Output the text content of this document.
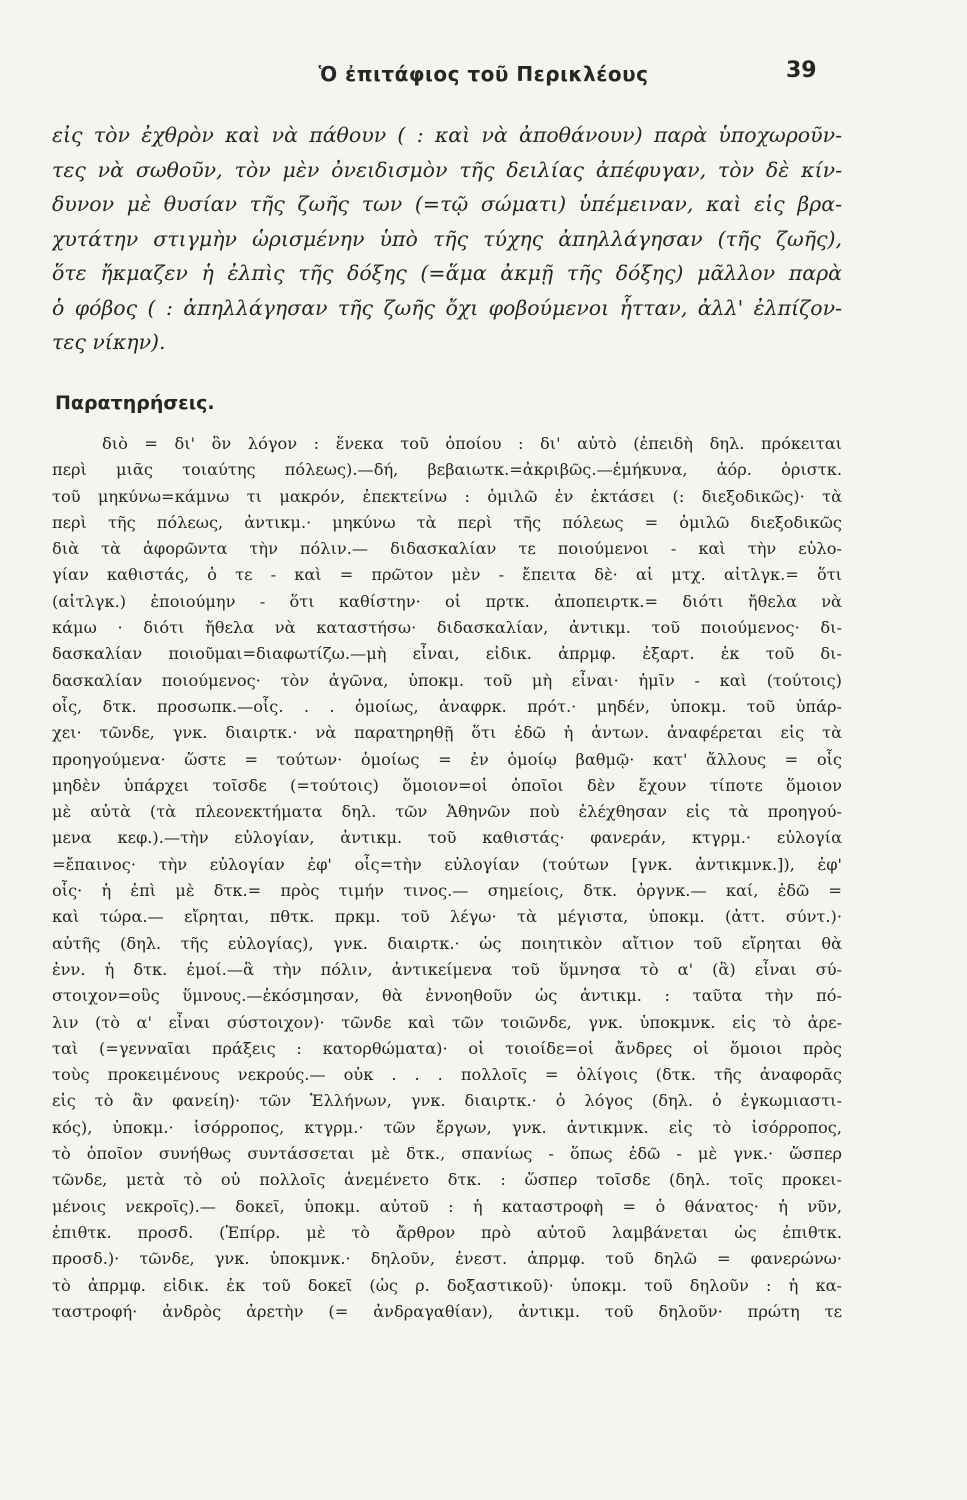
Ὁ ἐπιτάφιος τοῦ Περικλέους	39
εἰς τὸν ἐχθρὸν καὶ νὰ πάθουν ( : καὶ νὰ ἀποθάνουν) παρὰ ὑποχωροῦν-
τες νὰ σωθοῦν, τὸν μὲν ὀνειδισμὸν τῆς δειλίας ἀπέφυγαν, τὸν δὲ κίν-
δυνον μὲ θυσίαν τῆς ζωῆς των (=τῷ σώματι) ὑπέμειναν, καὶ εἰς βρα-
χυτάτην στιγμὴν ὡρισμένην ὑπὸ τῆς τύχης ἀπηλλάγησαν (τῆς ζωῆς),
ὅτε ἤκμαζεν ἡ ἐλπὶς τῆς δόξης (=ἅμα ἀκμῇ τῆς δόξης) μᾶλλον παρὰ
ὁ φόβος ( : ἀπηλλάγησαν τῆς ζωῆς ὄχι φοβούμενοι ἧτταν, ἀλλ' ἐλπίζον-
τες νίκην).
Παρατηρήσεις.
διὸ = δι' ὃν λόγον : ἕνεκα τοῦ ὁποίου : δι' αὐτὸ (ἐπειδὴ δηλ. πρόκειται
περὶ μιᾶς τοιαύτης πόλεως).—δή, βεβαιωτκ.=ἀκριβῶς.—ἐμήκυνα, ἀόρ. ὁριστκ.
τοῦ μηκύνω=κάμνω τι μακρόν, ἐπεκτείνω : ὁμιλῶ ἐν ἐκτάσει (: διεξοδικῶς)· τὰ
περὶ τῆς πόλεως, ἀντικμ.· μηκύνω τὰ περὶ τῆς πόλεως = ὁμιλῶ διεξοδικῶς
διὰ τὰ ἀφορῶντα τὴν πόλιν.— διδασκαλίαν τε ποιούμενοι - καὶ τὴν εὐλο-
γίαν καθιστάς, ὁ τε - καὶ = πρῶτον μὲν - ἔπειτα δὲ· αἱ μτχ. αἰτλγκ.= ὅτι
(αἰτλγκ.) ἐποιούμην - ὅτι καθίστην· οἱ πρτκ. ἀποπειρτκ.= διότι ἤθελα νὰ
κάμω · διότι ἤθελα νὰ καταστήσω· διδασκαλίαν, ἀντικμ. τοῦ ποιούμενος· δι-
δασκαλίαν ποιοῦμαι=διαφωτίζω.—μὴ εἶναι, εἰδικ. ἀπρμφ. ἐξαρτ. ἐκ τοῦ δι-
δασκαλίαν ποιούμενος· τὸν ἀγῶνα, ὑποκμ. τοῦ μὴ εἶναι· ἡμῖν - καὶ (τούτοις)
οἷς, δτκ. προσωπκ.—οἷς. . . ὁμοίως, ἀναφρκ. πρότ.· μηδέν, ὑποκμ. τοῦ ὑπάρ-
χει· τῶνδε, γνκ. διαιρτκ.· νὰ παρατηρηθῇ ὅτι ἐδῶ ἡ ἀντων. ἀναφέρεται εἰς τὰ
προηγούμενα· ὥστε = τούτων· ὁμοίως = ἐν ὁμοίῳ βαθμῷ· κατ' ἄλλους = οἷς
μηδὲν ὑπάρχει τοῖσδε (=τούτοις) ὅμοιον=οἱ ὁποῖοι δὲν ἔχουν τίποτε ὅμοιον
μὲ αὐτὰ (τὰ πλεονεκτήματα δηλ. τῶν Ἀθηνῶν ποὺ ἐλέχθησαν εἰς τὰ προηγού-
μενα κεφ.).—τὴν εὐλογίαν, ἀντικμ. τοῦ καθιστάς· φανεράν, κτγρμ.· εὐλογία
=ἔπαινος· τὴν εὐλογίαν ἐφ' οἷς=τὴν εὐλογίαν (τούτων [γνκ. ἀντικμνκ.]), ἐφ'
οἷς· ἡ ἐπὶ μὲ δτκ.= πρὸς τιμήν τινος.— σημείοις, δτκ. ὀργνκ.— καί, ἐδῶ =
καὶ τώρα.— εἴρηται, πθτκ. πρκμ. τοῦ λέγω· τὰ μέγιστα, ὑποκμ. (ἀττ. σύντ.)·
αὐτῆς (δηλ. τῆς εὐλογίας), γνκ. διαιρτκ.· ὡς ποιητικὸν αἴτιον τοῦ εἴρηται θὰ
ἐνν. ἡ δτκ. ἐμοί.—ἃ τὴν πόλιν, ἀντικείμενα τοῦ ὕμνησα τὸ α' (ἃ) εἶναι σύ-
στοιχον=οὓς ὕμνους.—ἐκόσμησαν, θὰ ἐννοηθοῦν ὡς ἀντικμ. : ταῦτα τὴν πό-
λιν (τὸ α' εἶναι σύστοιχον)· τῶνδε καὶ τῶν τοιῶνδε, γνκ. ὑποκμνκ. εἰς τὸ ἀρε-
ταὶ (=γενναῖαι πράξεις : κατορθώματα)· οἱ τοιοίδε=οἱ ἄνδρες οἱ ὅμοιοι πρὸς
τοὺς προκειμένους νεκρούς.— οὐκ . . . πολλοῖς = ὀλίγοις (δτκ. τῆς ἀναφορᾶς
εἰς τὸ ἂν φανείη)· τῶν Ἑλλήνων, γνκ. διαιρτκ.· ὁ λόγος (δηλ. ὁ ἐγκωμιαστι-
κός), ὑποκμ.· ἰσόρροπος, κτγρμ.· τῶν ἔργων, γνκ. ἀντικμνκ. εἰς τὸ ἰσόρροπος,
τὸ ὁποῖον συνήθως συντάσσεται μὲ δτκ., σπανίως - ὅπως ἐδῶ - μὲ γνκ.· ὥσπερ
τῶνδε, μετὰ τὸ οὐ πολλοῖς ἀνεμένετο δτκ. : ὥσπερ τοῖσδε (δηλ. τοῖς προκει-
μένοις νεκροῖς).— δοκεῖ, ὑποκμ. αὐτοῦ : ἡ καταστροφὴ = ὁ θάνατος· ἡ νῦν,
ἐπιθτκ. προσδ. (Ἐπίρρ. μὲ τὸ ἄρθρον πρὸ αὐτοῦ λαμβάνεται ὡς ἐπιθτκ.
προσδ.)· τῶνδε, γνκ. ὑποκμνκ.· δηλοῦν, ἐνεστ. ἀπρμφ. τοῦ δηλῶ = φανερώνω·
τὸ ἀπρμφ. εἰδικ. ἐκ τοῦ δοκεῖ (ὡς ρ. δοξαστικοῦ)· ὑποκμ. τοῦ δηλοῦν : ἡ κα-
ταστροφή· ἀνδρὸς ἀρετὴν (= ἀνδραγαθίαν), ἀντικμ. τοῦ δηλοῦν· πρώτη τε
